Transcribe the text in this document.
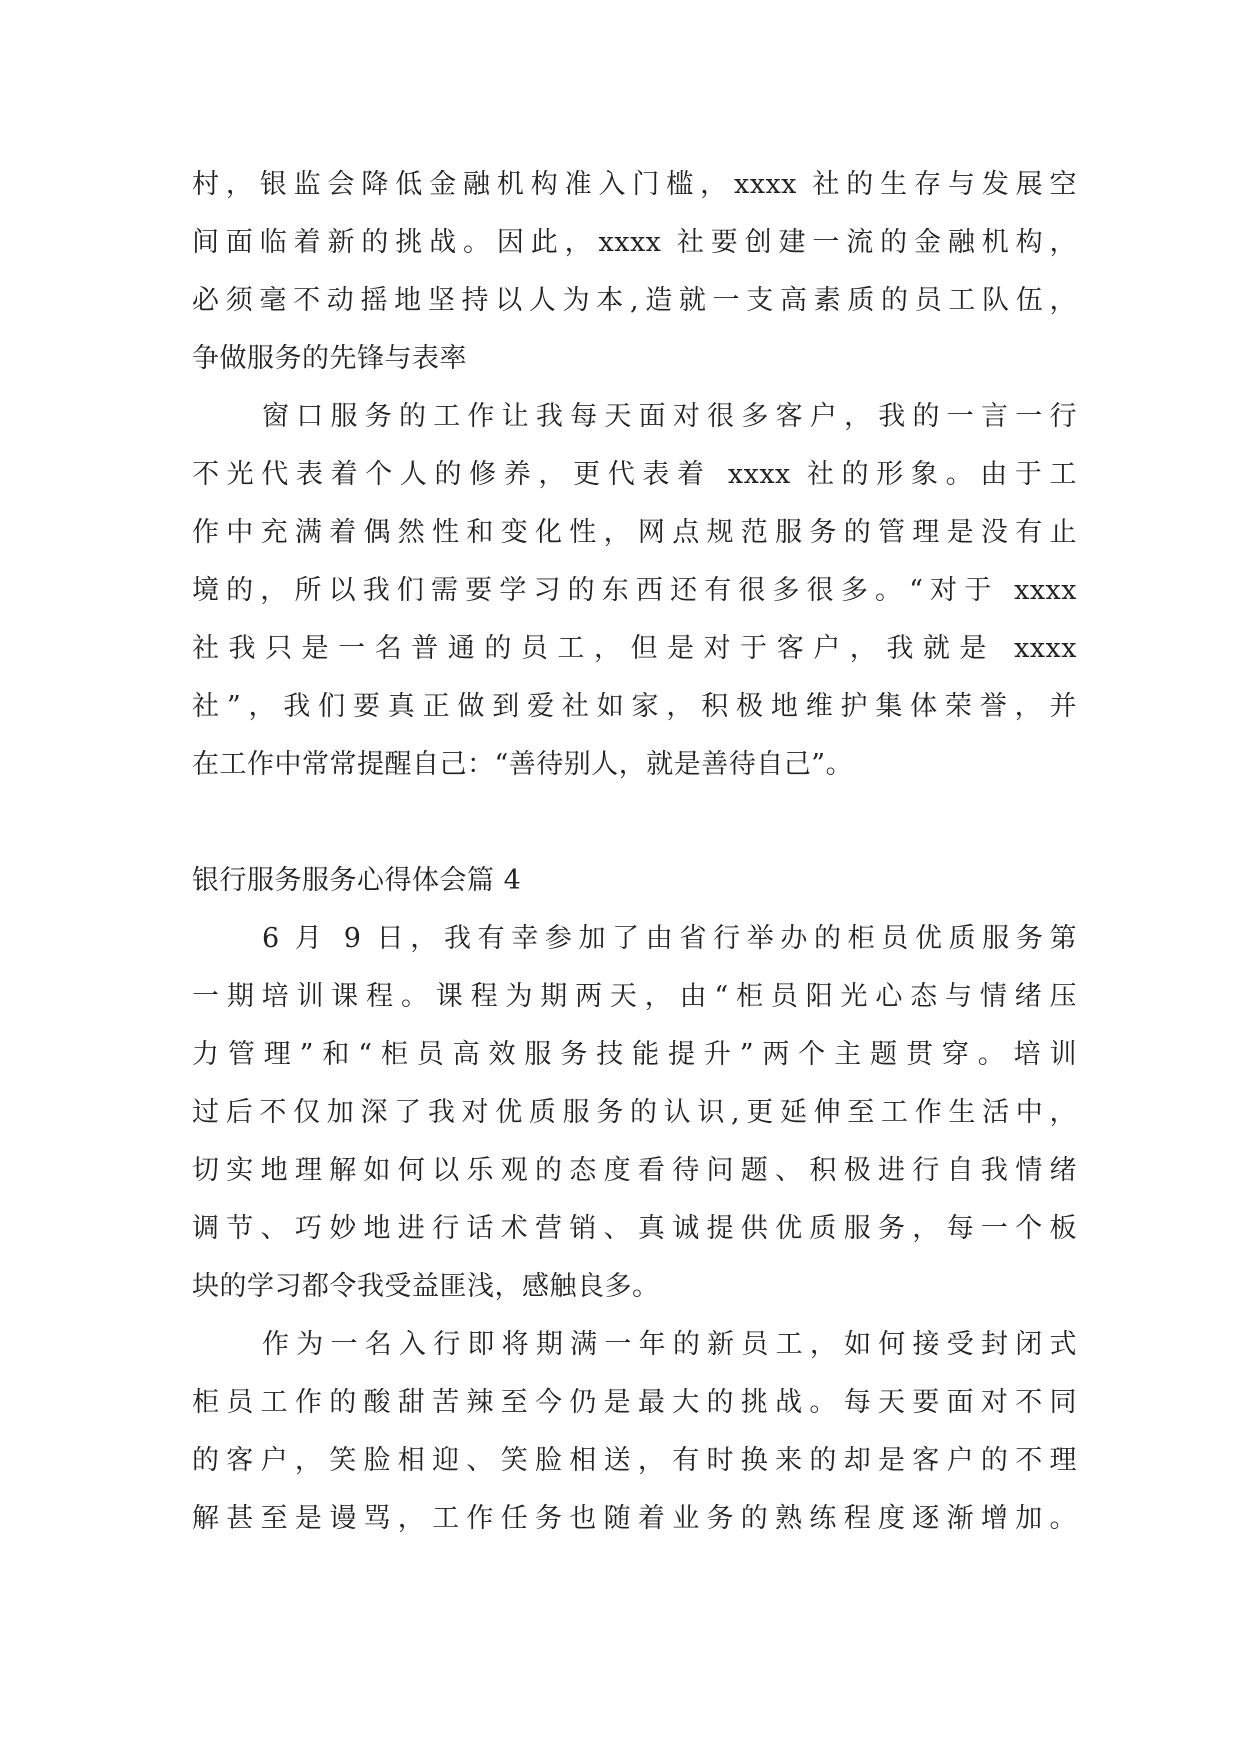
村，银监会降低金融机构准入门槛，xxxx 社的生存与发展空
间面临着新的挑战。因此，xxxx 社要创建一流的金融机构，
必须毫不动摇地坚持以人为本,造就一支高素质的员工队伍，
争做服务的先锋与表率
窗口服务的工作让我每天面对很多客户，我的一言一行
不光代表着个人的修养，更代表着 xxxx 社的形象。由于工
作中充满着偶然性和变化性，网点规范服务的管理是没有止
境的，所以我们需要学习的东西还有很多很多。“对于 xxxx
社我只是一名普通的员工，但是对于客户，我就是 xxxx
社”，我们要真正做到爱社如家，积极地维护集体荣誉，并
在工作中常常提醒自己：“善待别人，就是善待自己”。
银行服务服务心得体会篇 4
6 月 9 日，我有幸参加了由省行举办的柜员优质服务第
一期培训课程。课程为期两天，由“柜员阳光心态与情绪压
力管理”和“柜员高效服务技能提升”两个主题贯穿。培训
过后不仅加深了我对优质服务的认识,更延伸至工作生活中，
切实地理解如何以乐观的态度看待问题、积极进行自我情绪
调节、巧妙地进行话术营销、真诚提供优质服务，每一个板
块的学习都令我受益匪浅，感触良多。
作为一名入行即将期满一年的新员工，如何接受封闭式
柜员工作的酸甜苦辣至今仍是最大的挑战。每天要面对不同
的客户，笑脸相迎、笑脸相送，有时换来的却是客户的不理
解甚至是谩骂，工作任务也随着业务的熟练程度逐渐增加。
